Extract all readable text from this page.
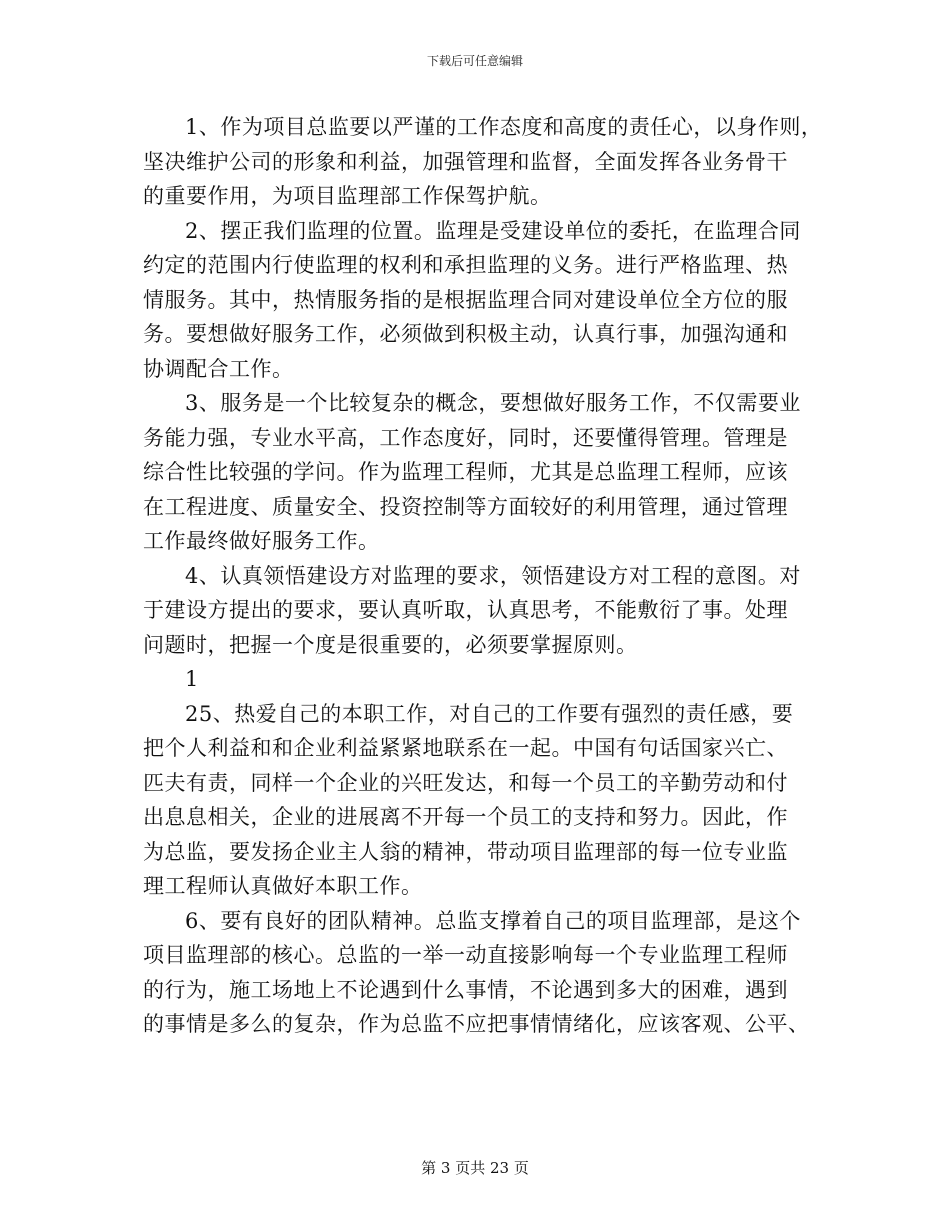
下载后可任意编辑
1、作为项目总监要以严谨的工作态度和高度的责任心，以身作则，
坚决维护公司的形象和利益，加强管理和监督，全面发挥各业务骨干
的重要作用，为项目监理部工作保驾护航。
2、摆正我们监理的位置。监理是受建设单位的委托，在监理合同
约定的范围内行使监理的权利和承担监理的义务。进行严格监理、热
情服务。其中，热情服务指的是根据监理合同对建设单位全方位的服
务。要想做好服务工作，必须做到积极主动，认真行事，加强沟通和
协调配合工作。
3、服务是一个比较复杂的概念，要想做好服务工作，不仅需要业
务能力强，专业水平高，工作态度好，同时，还要懂得管理。管理是
综合性比较强的学问。作为监理工程师，尤其是总监理工程师，应该
在工程进度、质量安全、投资控制等方面较好的利用管理，通过管理
工作最终做好服务工作。
4、认真领悟建设方对监理的要求，领悟建设方对工程的意图。对
于建设方提出的要求，要认真听取，认真思考，不能敷衍了事。处理
问题时，把握一个度是很重要的，必须要掌握原则。
1
25、热爱自己的本职工作，对自己的工作要有强烈的责任感，要
把个人利益和和企业利益紧紧地联系在一起。中国有句话国家兴亡、
匹夫有责，同样一个企业的兴旺发达，和每一个员工的辛勤劳动和付
出息息相关，企业的进展离不开每一个员工的支持和努力。因此，作
为总监，要发扬企业主人翁的精神，带动项目监理部的每一位专业监
理工程师认真做好本职工作。
6、要有良好的团队精神。总监支撑着自己的项目监理部，是这个
项目监理部的核心。总监的一举一动直接影响每一个专业监理工程师
的行为，施工场地上不论遇到什么事情，不论遇到多大的困难，遇到
的事情是多么的复杂，作为总监不应把事情情绪化，应该客观、公平、
第 3 页共 23 页
